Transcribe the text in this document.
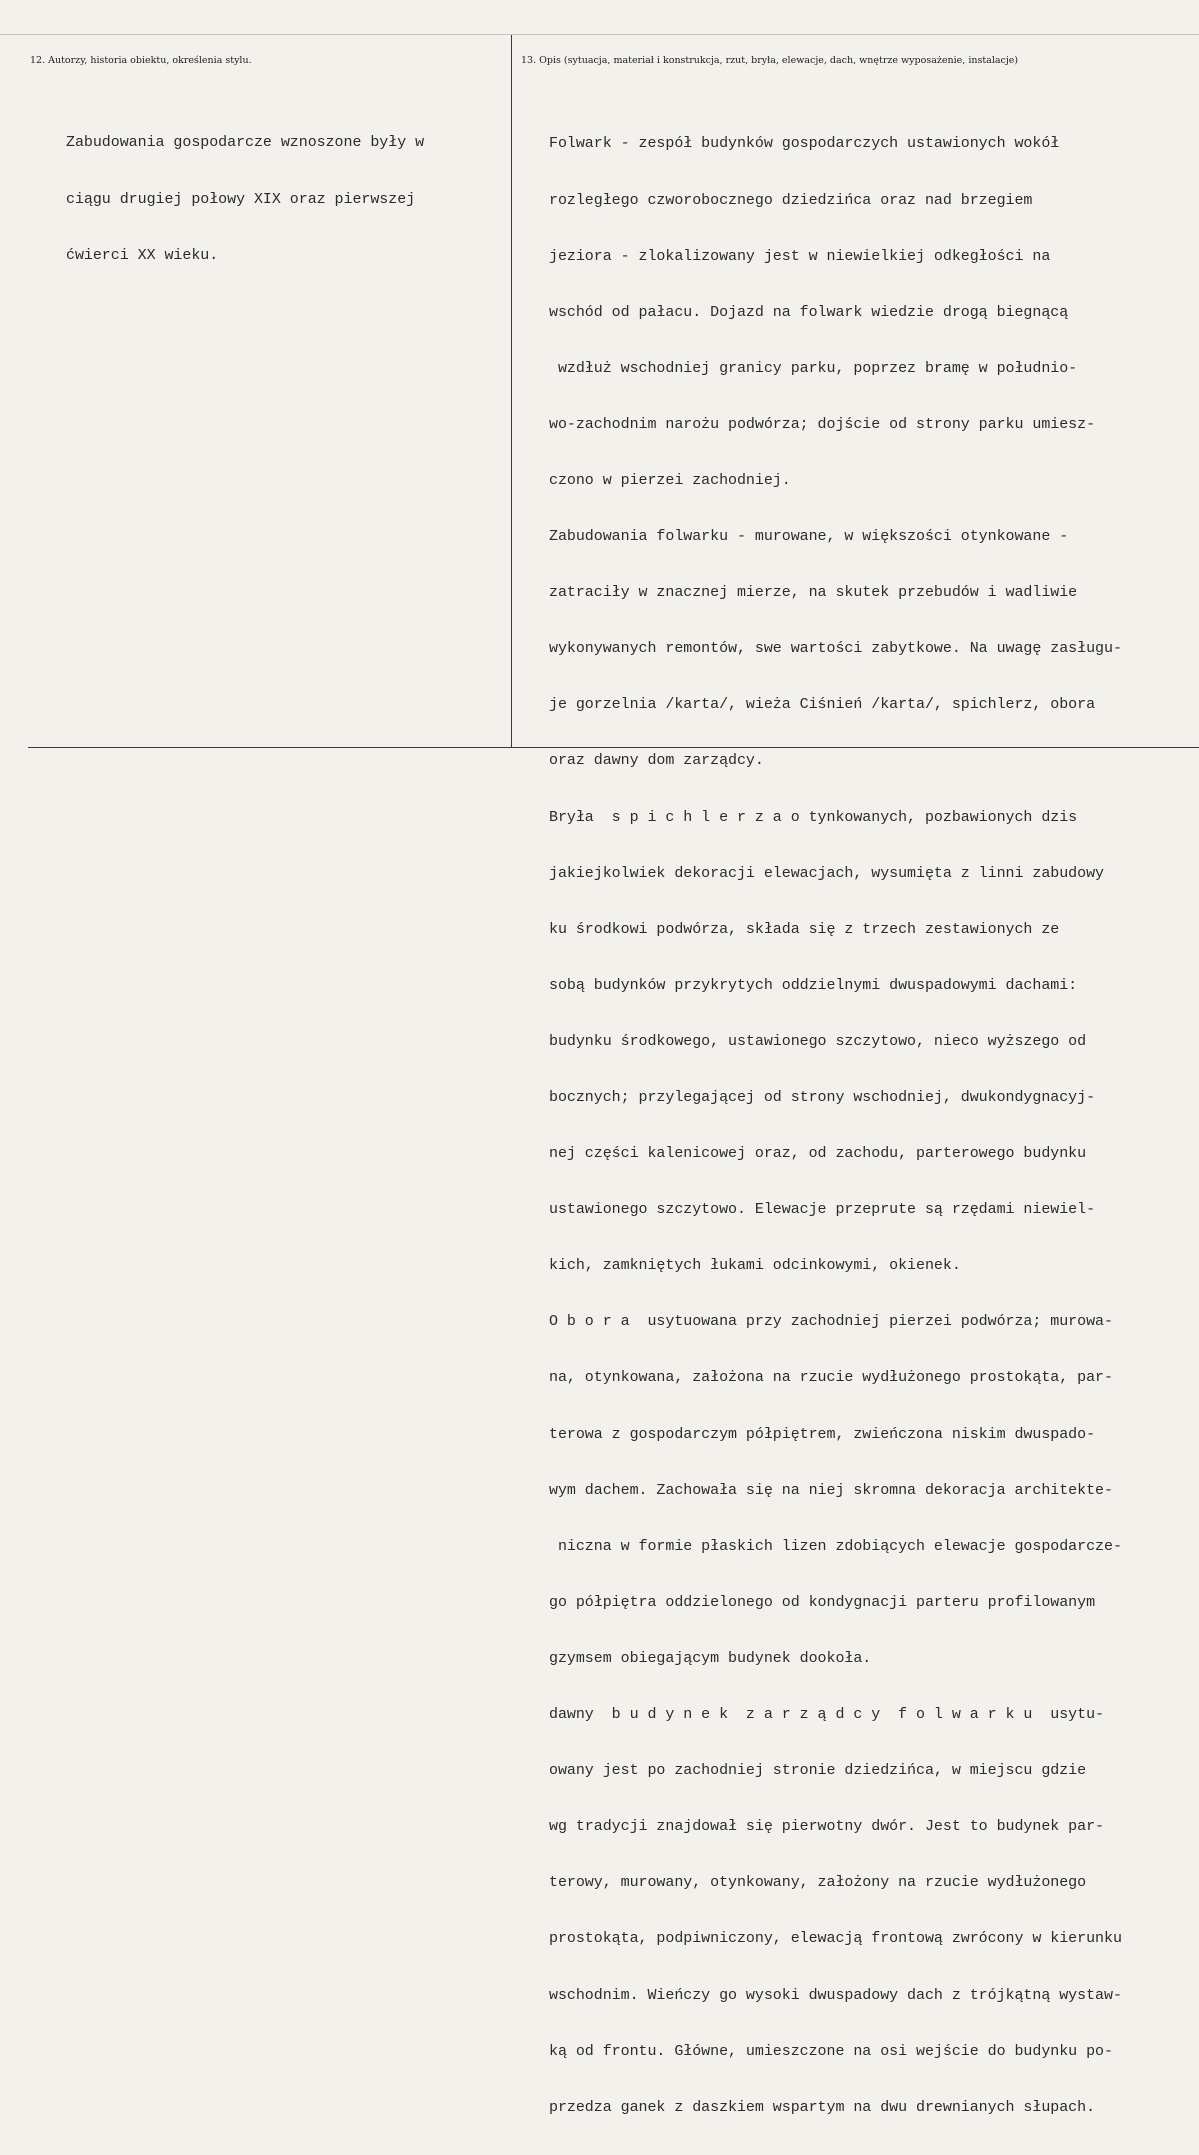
12. Autorzy, historia obiektu, określenia stylu.	13. Opis (sytuacja, materiał i konstrukcja, rzut, bryła, elewacje, dach, wnętrze wyposażenie, instalacje)

Zabudowania gospodarcze wznoszone były w

ciągu drugiej połowy XIX oraz pierwszej

ćwierci XX wieku.

Folwark - zespół budynków gospodarczych ustawionych wokół

rozległego czworobocznego dziedzińca oraz nad brzegiem

jeziora - zlokalizowany jest w niewielkiej odkegłości na

wschód od pałacu. Dojazd na folwark wiedzie drogą biegnącą

wzdłuż wschodniej granicy parku, poprzez bramę w południo-

wo-zachodnim narożu podwórza; dojście od strony parku umiesz-

czono w pierzei zachodniej.

Zabudowania folwarku - murowane, w większości otynkowane -

zatraciły w znacznej mierze, na skutek przebudów i wadliwie

wykonywanych remontów, swe wartości zabytkowe. Na uwagę zasługu-

je gorzelnia /karta/, wieża Ciśnień /karta/, spichlerz, obora

oraz dawny dom zarządcy.

Bryła  s p i c h l e r z a o tynkowanych, pozbawionych dzis

jakiejkolwiek dekoracji elewacjach, wysumięta z linni zabudowy

ku środkowi podwórza, składa się z trzech zestawionych ze

sobą budynków przykrytych oddzielnymi dwuspadowymi dachami:

budynku środkowego, ustawionego szczytowo, nieco wyższego od

bocznych; przylegającej od strony wschodniej, dwukondygnacyj-

nej części kalenicowej oraz, od zachodu, parterowego budynku

ustawionego szczytowo. Elewacje przeprute są rzędami niewiel-

kich, zamkniętych łukami odcinkowymi, okienek.

O b o r a  usytuowana przy zachodniej pierzei podwórza; murowa-

na, otynkowana, założona na rzucie wydłużonego prostokąta, par-

terowa z gospodarczym półpiętrem, zwieńczona niskim dwuspado-

wym dachem. Zachowała się na niej skromna dekoracja architekte-

niczna w formie płaskich lizen zdobiących elewacje gospodarcze-

go półpiętra oddzielonego od kondygnacji parteru profilowanym

gzymsem obiegającym budynek dookoła.

dawny  b u d y n e k  z a r z ą d c y  f o l w a r k u  usytu-

owany jest po zachodniej stronie dziedzińca, w miejscu gdzie

wg tradycji znajdował się pierwotny dwór. Jest to budynek par-

terowy, murowany, otynkowany, założony na rzucie wydłużonego

prostokąta, podpiwniczony, elewacją frontową zwrócony w kierunku

wschodnim. Wieńczy go wysoki dwuspadowy dach z trójkątną wystaw-

ką od frontu. Główne, umieszczone na osi wejście do budynku po-

przedza ganek z daszkiem wspartym na dwu drewnianych słupach.
